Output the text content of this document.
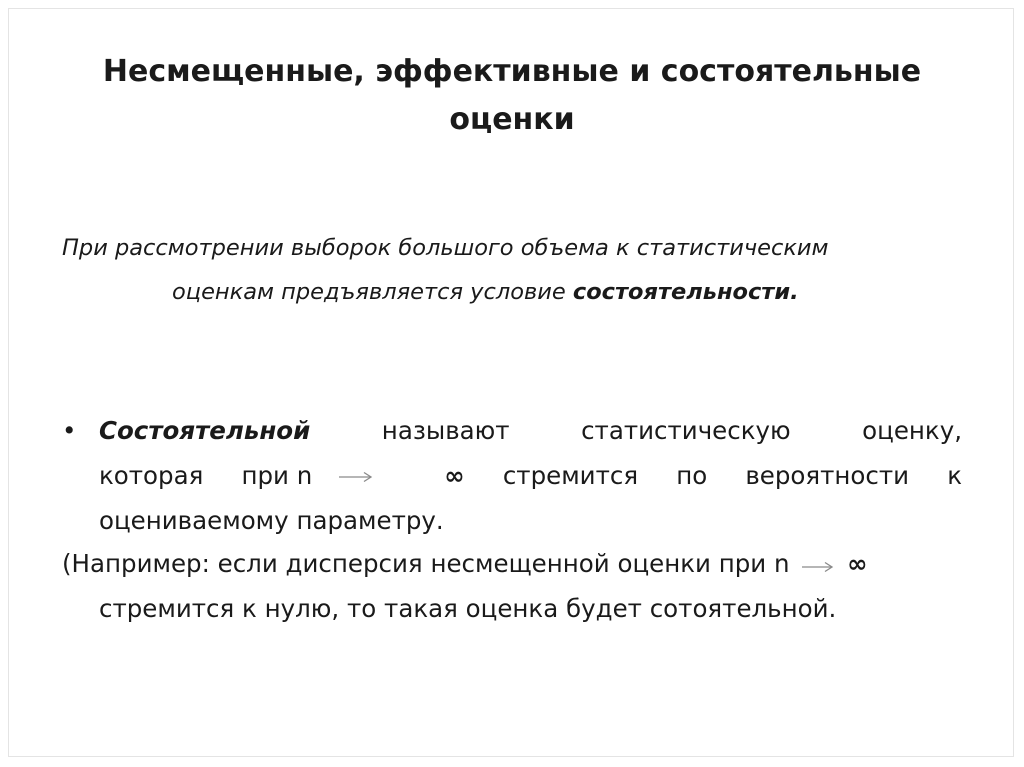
Несмещенные, эффективные и состоятельные оценки

При рассмотрении выборок большого объема к статистическим
оценкам предъявляется условие состоятельности.

• Состоятельной	называют	статистическую	оценку,
которая при
n	∞ стремится по вероятности к
оцениваемому параметру.
(Например: если дисперсия несмещенной оценки при n ∞
стремится к нулю, то такая оценка будет сотоятельной.
